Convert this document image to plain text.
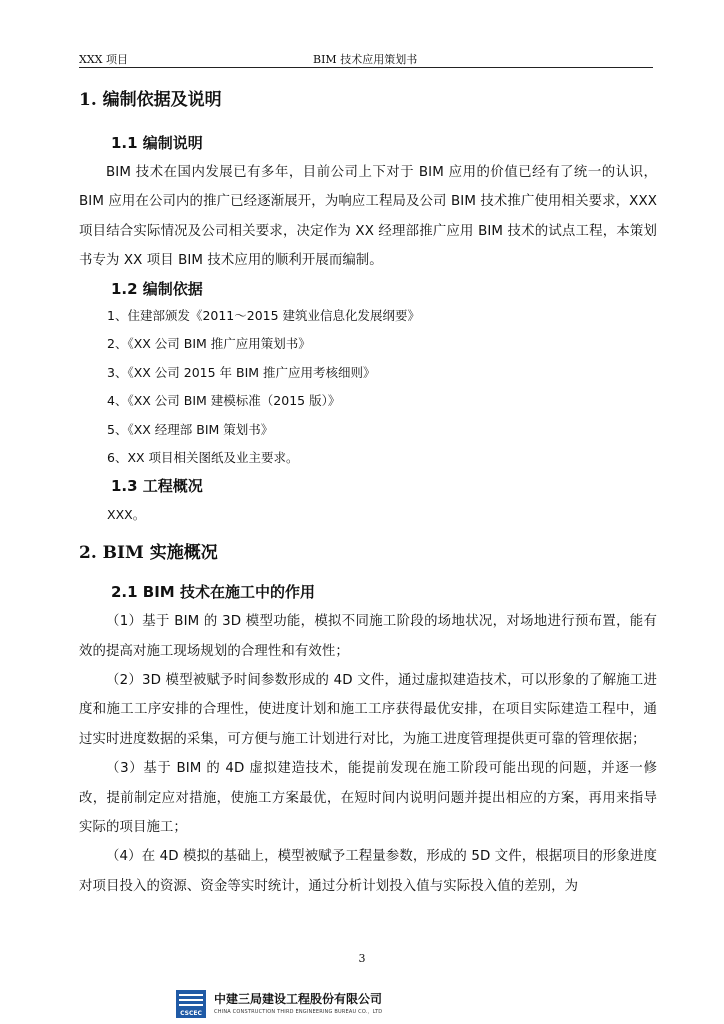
XXX 项目	BIM 技术应用策划书
1. 编制依据及说明
1.1 编制说明

BIM 技术在国内发展已有多年，目前公司上下对于 BIM 应用的价值已经有了统一的认识， BIM 应用在公司内的推广已经逐渐展开，为响应工程局及公司 BIM 技术推广使用相关要求，XXX 项目结合实际情况及公司相关要求，决定作为 XX 经理部推广应用 BIM 技术的试点工程，本策划书专为 XX 项目 BIM 技术应用的顺利开展而编制。

1.2 编制依据
1、住建部颁发《2011～2015 建筑业信息化发展纲要》
2、《XX 公司 BIM 推广应用策划书》
3、《XX 公司 2015 年 BIM 推广应用考核细则》
4、《XX 公司 BIM 建模标准（2015 版）》
5、《XX 经理部 BIM 策划书》
6、XX 项目相关图纸及业主要求。
1.3 工程概况

XXX。

2. BIM 实施概况
2.1 BIM 技术在施工中的作用

（1）基于 BIM 的 3D 模型功能，模拟不同施工阶段的场地状况，对场地进行预布置，能有效的提高对施工现场规划的合理性和有效性；

（2）3D 模型被赋予时间参数形成的 4D 文件，通过虚拟建造技术，可以形象的了解施工进度和施工工序安排的合理性，使进度计划和施工工序获得最优安排，在项目实际建造工程中，通过实时进度数据的采集，可方便与施工计划进行对比，为施工进度管理提供更可靠的管理依据；

（3）基于 BIM 的 4D 虚拟建造技术，能提前发现在施工阶段可能出现的问题，并逐一修改，提前制定应对措施，使施工方案最优，在短时间内说明问题并提出相应的方案，再用来指导实际的项目施工；

（4）在 4D 模拟的基础上，模型被赋予工程量参数，形成的 5D 文件，根据项目的形象进度对项目投入的资源、资金等实时统计，通过分析计划投入值与实际投入值的差别，为

3
CSCEC
中建三局建设工程股份有限公司
CHINA CONSTRUCTION THIRD ENGINEERING BUREAU CO.，LTD
